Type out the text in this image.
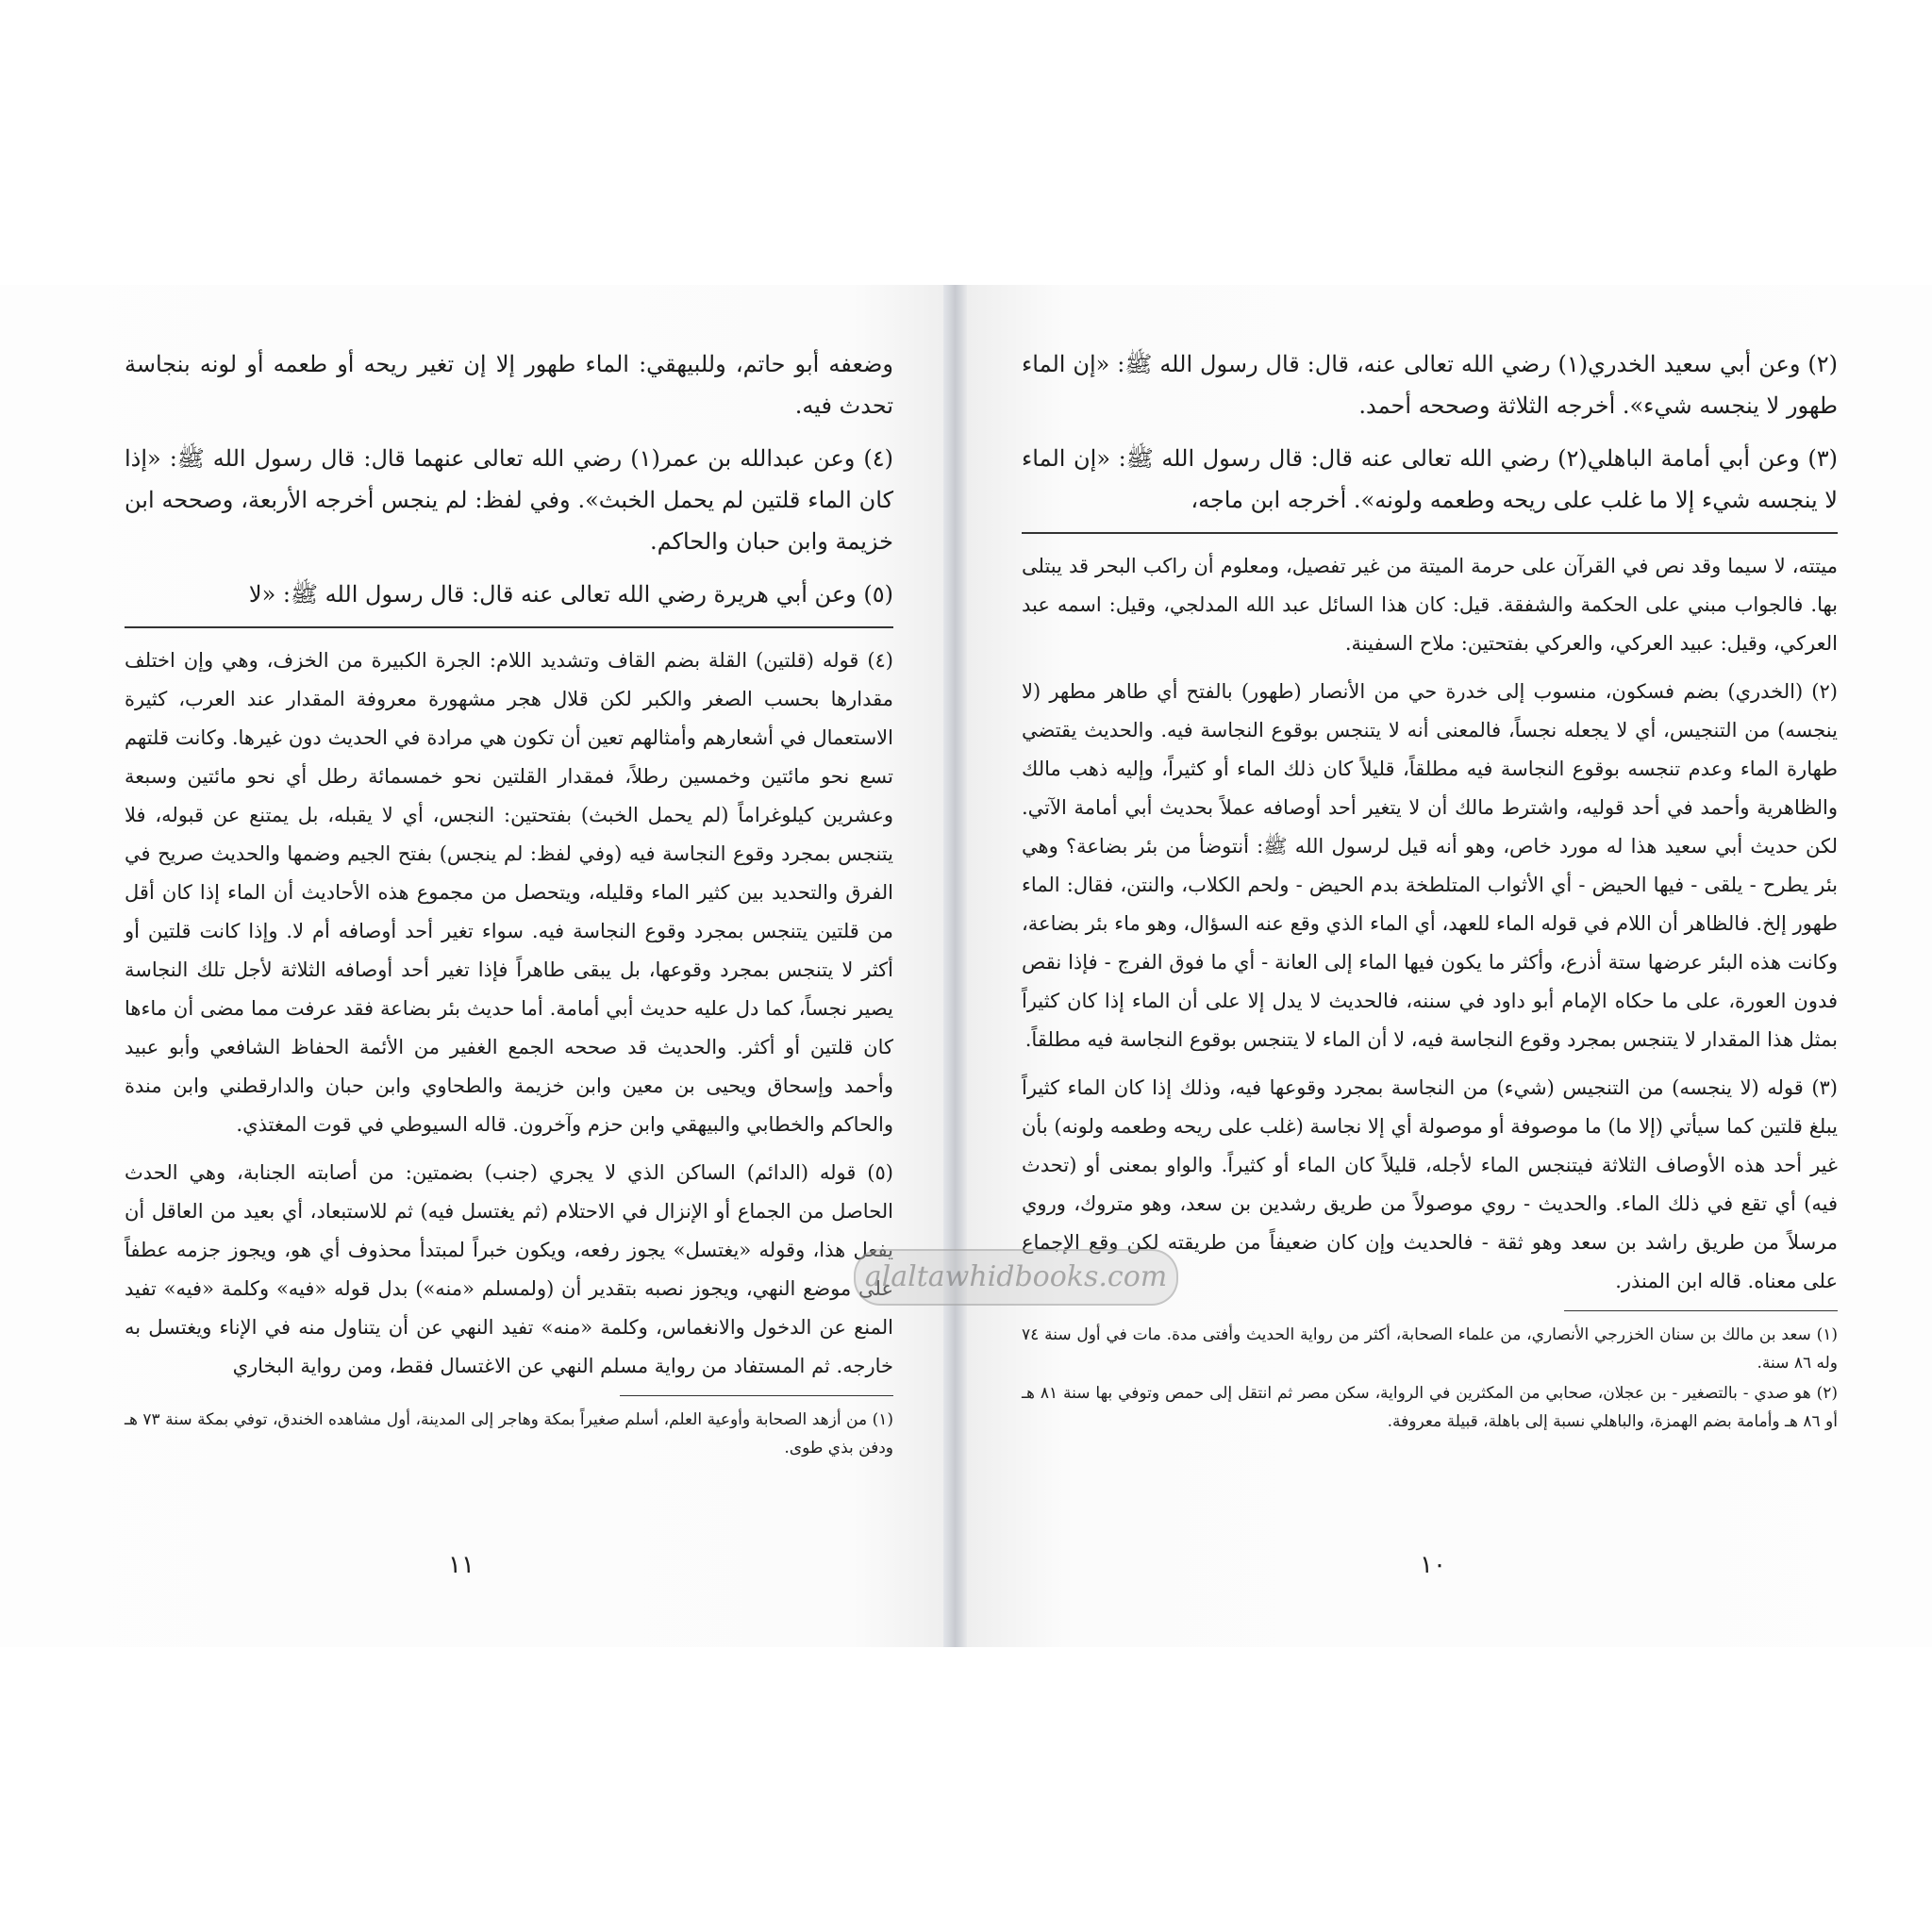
وضعفه أبو حاتم، وللبيهقي: الماء طهور إلا إن تغير ريحه أو طعمه أو لونه بنجاسة تحدث فيه.

(٤) وعن عبدالله بن عمر(١) رضي الله تعالى عنهما قال: قال رسول الله ﷺ: «إذا كان الماء قلتين لم يحمل الخبث». وفي لفظ: لم ينجس أخرجه الأربعة، وصححه ابن خزيمة وابن حبان والحاكم.

(٥) وعن أبي هريرة رضي الله تعالى عنه قال: قال رسول الله ﷺ: «لا

(٤) قوله (قلتين) القلة بضم القاف وتشديد اللام: الجرة الكبيرة من الخزف، وهي وإن اختلف مقدارها بحسب الصغر والكبر لكن قلال هجر مشهورة معروفة المقدار عند العرب، كثيرة الاستعمال في أشعارهم وأمثالهم تعين أن تكون هي مرادة في الحديث دون غيرها. وكانت قلتهم تسع نحو مائتين وخمسين رطلاً، فمقدار القلتين نحو خمسمائة رطل أي نحو مائتين وسبعة وعشرين كيلوغراماً (لم يحمل الخبث) بفتحتين: النجس، أي لا يقبله، بل يمتنع عن قبوله، فلا يتنجس بمجرد وقوع النجاسة فيه (وفي لفظ: لم ينجس) بفتح الجيم وضمها والحديث صريح في الفرق والتحديد بين كثير الماء وقليله، ويتحصل من مجموع هذه الأحاديث أن الماء إذا كان أقل من قلتين يتنجس بمجرد وقوع النجاسة فيه. سواء تغير أحد أوصافه أم لا. وإذا كانت قلتين أو أكثر لا يتنجس بمجرد وقوعها، بل يبقى طاهراً فإذا تغير أحد أوصافه الثلاثة لأجل تلك النجاسة يصير نجساً، كما دل عليه حديث أبي أمامة. أما حديث بئر بضاعة فقد عرفت مما مضى أن ماءها كان قلتين أو أكثر. والحديث قد صححه الجمع الغفير من الأئمة الحفاظ الشافعي وأبو عبيد وأحمد وإسحاق ويحيى بن معين وابن خزيمة والطحاوي وابن حبان والدارقطني وابن مندة والحاكم والخطابي والبيهقي وابن حزم وآخرون. قاله السيوطي في قوت المغتذي.

(٥) قوله (الدائم) الساكن الذي لا يجري (جنب) بضمتين: من أصابته الجنابة، وهي الحدث الحاصل من الجماع أو الإنزال في الاحتلام (ثم يغتسل فيه) ثم للاستبعاد، أي بعيد من العاقل أن يفعل هذا، وقوله «يغتسل» يجوز رفعه، ويكون خبراً لمبتدأ محذوف أي هو، ويجوز جزمه عطفاً على موضع النهي، ويجوز نصبه بتقدير أن (ولمسلم «منه») بدل قوله «فيه» وكلمة «فيه» تفيد المنع عن الدخول والانغماس، وكلمة «منه» تفيد النهي عن أن يتناول منه في الإناء ويغتسل به خارجه. ثم المستفاد من رواية مسلم النهي عن الاغتسال فقط، ومن رواية البخاري

(١) من أزهد الصحابة وأوعية العلم، أسلم صغيراً بمكة وهاجر إلى المدينة، أول مشاهده الخندق، توفي بمكة سنة ٧٣ هـ ودفن بذي طوى.

١١

(٢) وعن أبي سعيد الخدري(١) رضي الله تعالى عنه، قال: قال رسول الله ﷺ: «إن الماء طهور لا ينجسه شيء». أخرجه الثلاثة وصححه أحمد.

(٣) وعن أبي أمامة الباهلي(٢) رضي الله تعالى عنه قال: قال رسول الله ﷺ: «إن الماء لا ينجسه شيء إلا ما غلب على ريحه وطعمه ولونه». أخرجه ابن ماجه،

ميتته، لا سيما وقد نص في القرآن على حرمة الميتة من غير تفصيل، ومعلوم أن راكب البحر قد يبتلى بها. فالجواب مبني على الحكمة والشفقة. قيل: كان هذا السائل عبد الله المدلجي، وقيل: اسمه عبد العركي، وقيل: عبيد العركي، والعركي بفتحتين: ملاح السفينة.

(٢) (الخدري) بضم فسكون، منسوب إلى خدرة حي من الأنصار (طهور) بالفتح أي طاهر مطهر (لا ينجسه) من التنجيس، أي لا يجعله نجساً، فالمعنى أنه لا يتنجس بوقوع النجاسة فيه. والحديث يقتضي طهارة الماء وعدم تنجسه بوقوع النجاسة فيه مطلقاً، قليلاً كان ذلك الماء أو كثيراً، وإليه ذهب مالك والظاهرية وأحمد في أحد قوليه، واشترط مالك أن لا يتغير أحد أوصافه عملاً بحديث أبي أمامة الآتي. لكن حديث أبي سعيد هذا له مورد خاص، وهو أنه قيل لرسول الله ﷺ: أنتوضأ من بئر بضاعة؟ وهي بئر يطرح - يلقى - فيها الحيض - أي الأثواب المتلطخة بدم الحيض - ولحم الكلاب، والنتن، فقال: الماء طهور إلخ. فالظاهر أن اللام في قوله الماء للعهد، أي الماء الذي وقع عنه السؤال، وهو ماء بئر بضاعة، وكانت هذه البئر عرضها ستة أذرع، وأكثر ما يكون فيها الماء إلى العانة - أي ما فوق الفرج - فإذا نقص فدون العورة، على ما حكاه الإمام أبو داود في سننه، فالحديث لا يدل إلا على أن الماء إذا كان كثيراً بمثل هذا المقدار لا يتنجس بمجرد وقوع النجاسة فيه، لا أن الماء لا يتنجس بوقوع النجاسة فيه مطلقاً.

(٣) قوله (لا ينجسه) من التنجيس (شيء) من النجاسة بمجرد وقوعها فيه، وذلك إذا كان الماء كثيراً يبلغ قلتين كما سيأتي (إلا ما) ما موصوفة أو موصولة أي إلا نجاسة (غلب على ريحه وطعمه ولونه) بأن غير أحد هذه الأوصاف الثلاثة فيتنجس الماء لأجله، قليلاً كان الماء أو كثيراً. والواو بمعنى أو (تحدث فيه) أي تقع في ذلك الماء. والحديث - روي موصولاً من طريق رشدين بن سعد، وهو متروك، وروي مرسلاً من طريق راشد بن سعد وهو ثقة - فالحديث وإن كان ضعيفاً من طريقته لكن وقع الإجماع على معناه. قاله ابن المنذر.

(١) سعد بن مالك بن سنان الخزرجي الأنصاري، من علماء الصحابة، أكثر من رواية الحديث وأفتى مدة. مات في أول سنة ٧٤ وله ٨٦ سنة.

(٢) هو صدي - بالتصغير - بن عجلان، صحابي من المكثرين في الرواية، سكن مصر ثم انتقل إلى حمص وتوفي بها سنة ٨١ هـ أو ٨٦ هـ وأمامة بضم الهمزة، والباهلي نسبة إلى باهلة، قبيلة معروفة.

١٠
alaltawhidbooks.com
